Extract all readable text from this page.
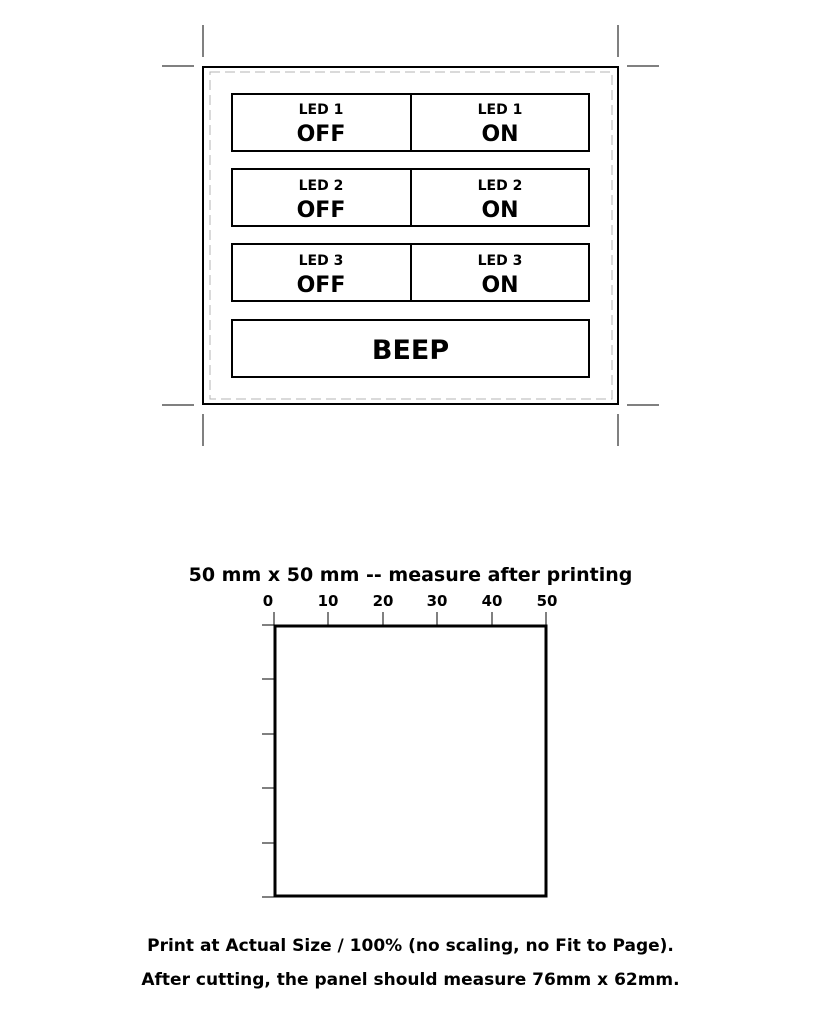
LED 1
OFF
LED 1
ON
LED 2
OFF
LED 2
ON
LED 3
OFF
LED 3
ON
BEEP
50 mm x 50 mm -- measure after printing
0	10 20 30 40 50
Print at Actual Size / 100% (no scaling, no Fit to Page).
After cutting, the panel should measure 76mm x 62mm.
